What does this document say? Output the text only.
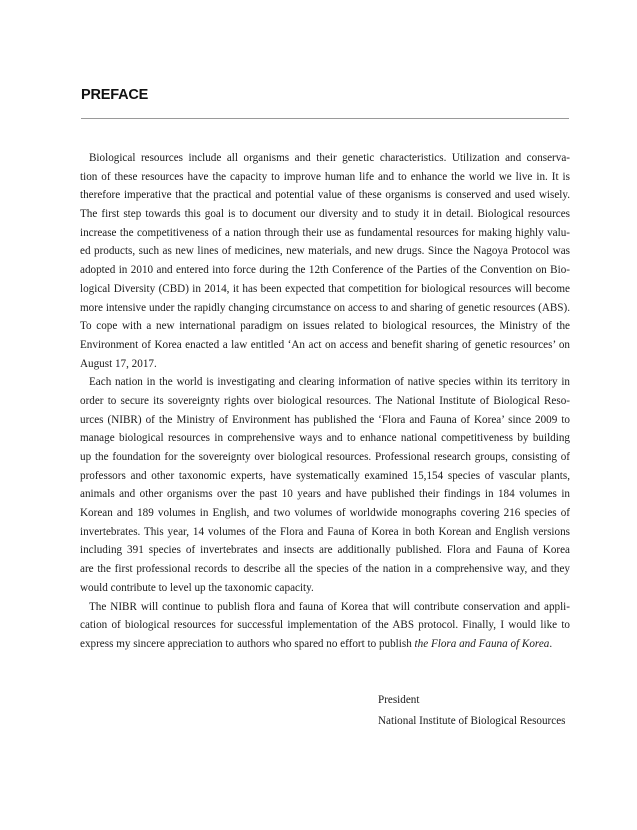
PREFACE
Biological resources include all organisms and their genetic characteristics. Utilization and conserva-
tion of these resources have the capacity to improve human life and to enhance the world we live in. It is
therefore imperative that the practical and potential value of these organisms is conserved and used wisely.
The first step towards this goal is to document our diversity and to study it in detail. Biological resources
increase the competitiveness of a nation through their use as fundamental resources for making highly valu-
ed products, such as new lines of medicines, new materials, and new drugs. Since the Nagoya Protocol was
adopted in 2010 and entered into force during the 12th Conference of the Parties of the Convention on Bio-
logical Diversity (CBD) in 2014, it has been expected that competition for biological resources will become
more intensive under the rapidly changing circumstance on access to and sharing of genetic resources (ABS).
To cope with a new international paradigm on issues related to biological resources, the Ministry of the
Environment of Korea enacted a law entitled ‘An act on access and benefit sharing of genetic resources’ on
August 17, 2017.
Each nation in the world is investigating and clearing information of native species within its territory in
order to secure its sovereignty rights over biological resources. The National Institute of Biological Reso-
urces (NIBR) of the Ministry of Environment has published the ‘Flora and Fauna of Korea’ since 2009 to
manage biological resources in comprehensive ways and to enhance national competitiveness by building
up the foundation for the sovereignty over biological resources. Professional research groups, consisting of
professors and other taxonomic experts, have systematically examined 15,154 species of vascular plants,
animals and other organisms over the past 10 years and have published their findings in 184 volumes in
Korean and 189 volumes in English, and two volumes of worldwide monographs covering 216 species of
invertebrates. This year, 14 volumes of the Flora and Fauna of Korea in both Korean and English versions
including 391 species of invertebrates and insects are additionally published. Flora and Fauna of Korea
are the first professional records to describe all the species of the nation in a comprehensive way, and they
would contribute to level up the taxonomic capacity.
The NIBR will continue to publish flora and fauna of Korea that will contribute conservation and appli-
cation of biological resources for successful implementation of the ABS protocol. Finally, I would like to
express my sincere appreciation to authors who spared no effort to publish the Flora and Fauna of Korea.
President
National Institute of Biological Resources
